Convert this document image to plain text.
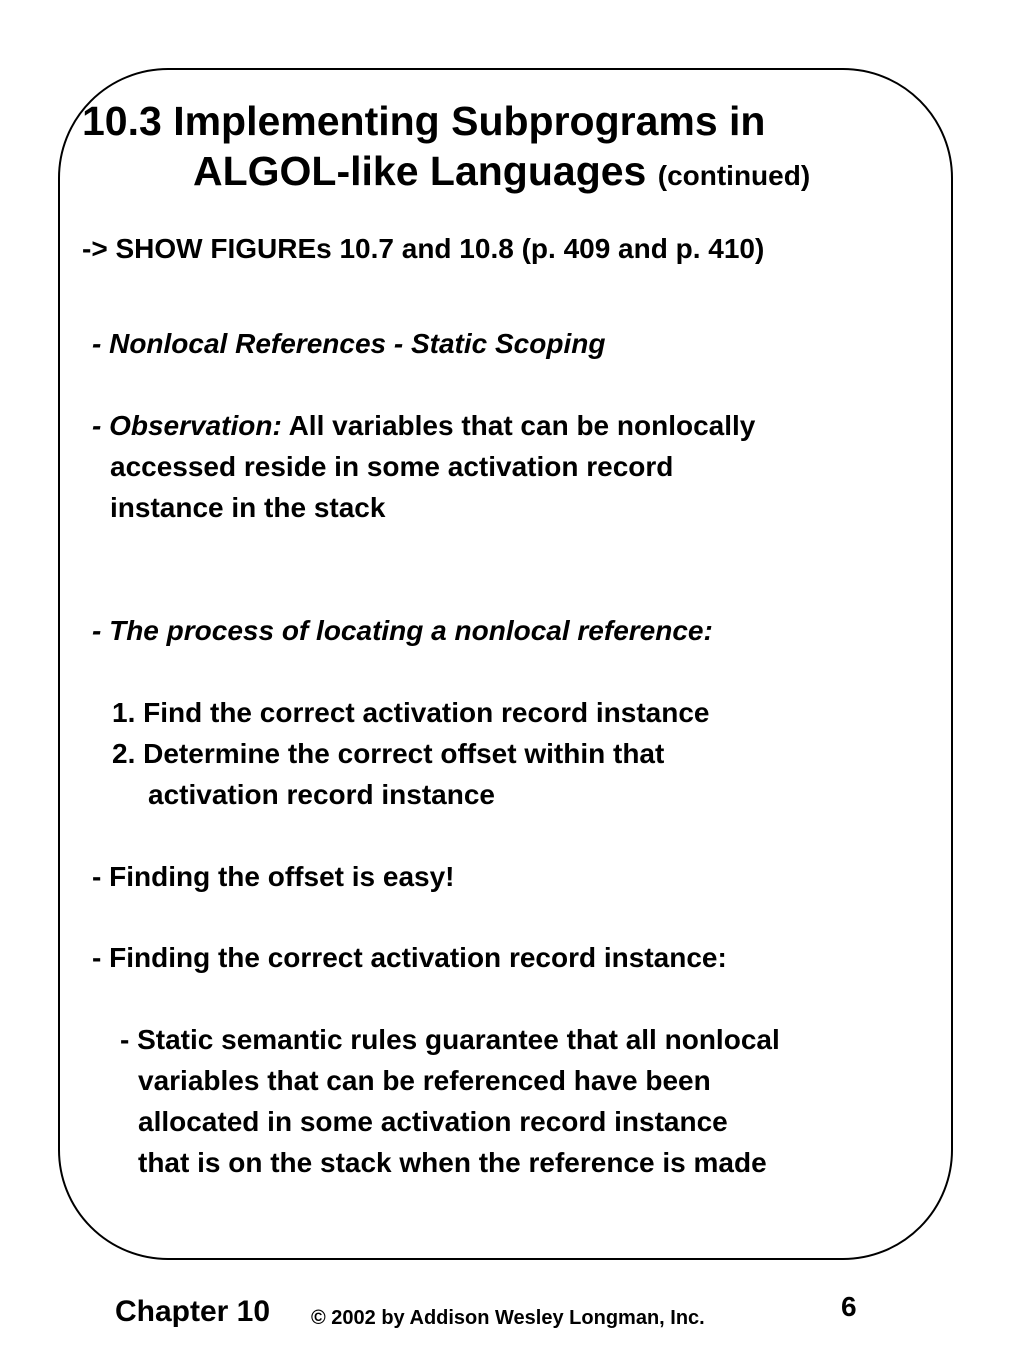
10.3 Implementing Subprograms in
ALGOL-like Languages (continued)
-> SHOW FIGUREs 10.7 and 10.8 (p. 409 and p. 410)
- Nonlocal References - Static Scoping
- Observation: All variables that can be nonlocally
accessed reside in some activation record
instance in the stack
- The process of locating a nonlocal reference:
1. Find the correct activation record instance
2. Determine the correct offset within that
activation record instance
- Finding the offset is easy!
- Finding the correct activation record instance:
- Static semantic rules guarantee that all nonlocal
variables that can be referenced have been
allocated in some activation record instance
that is on the stack when the reference is made
Chapter 10 © 2002 by Addison Wesley Longman, Inc.	6
